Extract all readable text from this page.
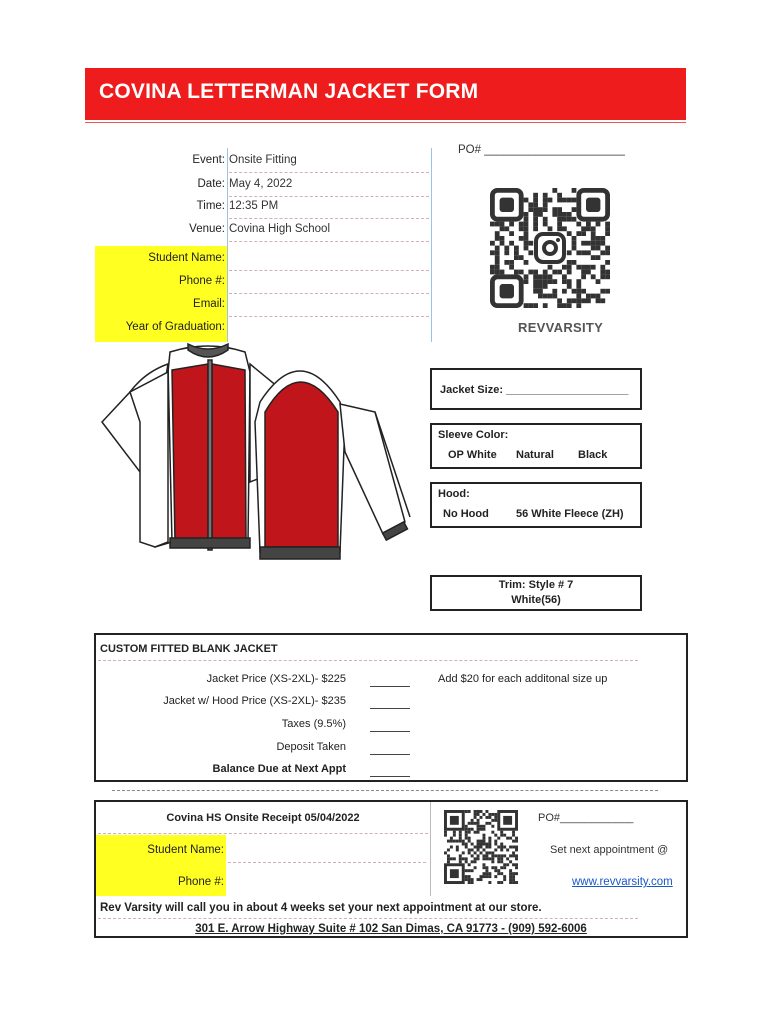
COVINA LETTERMAN JACKET FORM
PO# ______________________
Event: Onsite Fitting
Date: May 4, 2022
Time: 12:35 PM
Venue: Covina High School
Student Name:
Phone #:
Email:
Year of Graduation:	REVVARSITY
Jacket Size: ____________________
Sleeve Color:
OP White Natural Black
Hood:
No Hood 56 White Fleece (ZH)
Trim: Style # 7
White(56)
CUSTOM FITTED BLANK JACKET
Jacket Price (XS-2XL)- $225
Jacket w/ Hood Price (XS-2XL)- $235
Taxes (9.5%)
Deposit Taken
Balance Due at Next Appt
Add $20 for each additonal size up
Covina HS Onsite Receipt 05/04/2022
Student Name:
Phone #:
PO#____________
Set next appointment @
www.revvarsity.com
Rev Varsity will call you in about 4 weeks set your next appointment at our store.
301 E. Arrow Highway Suite # 102 San Dimas, CA 91773 - (909) 592-6006
